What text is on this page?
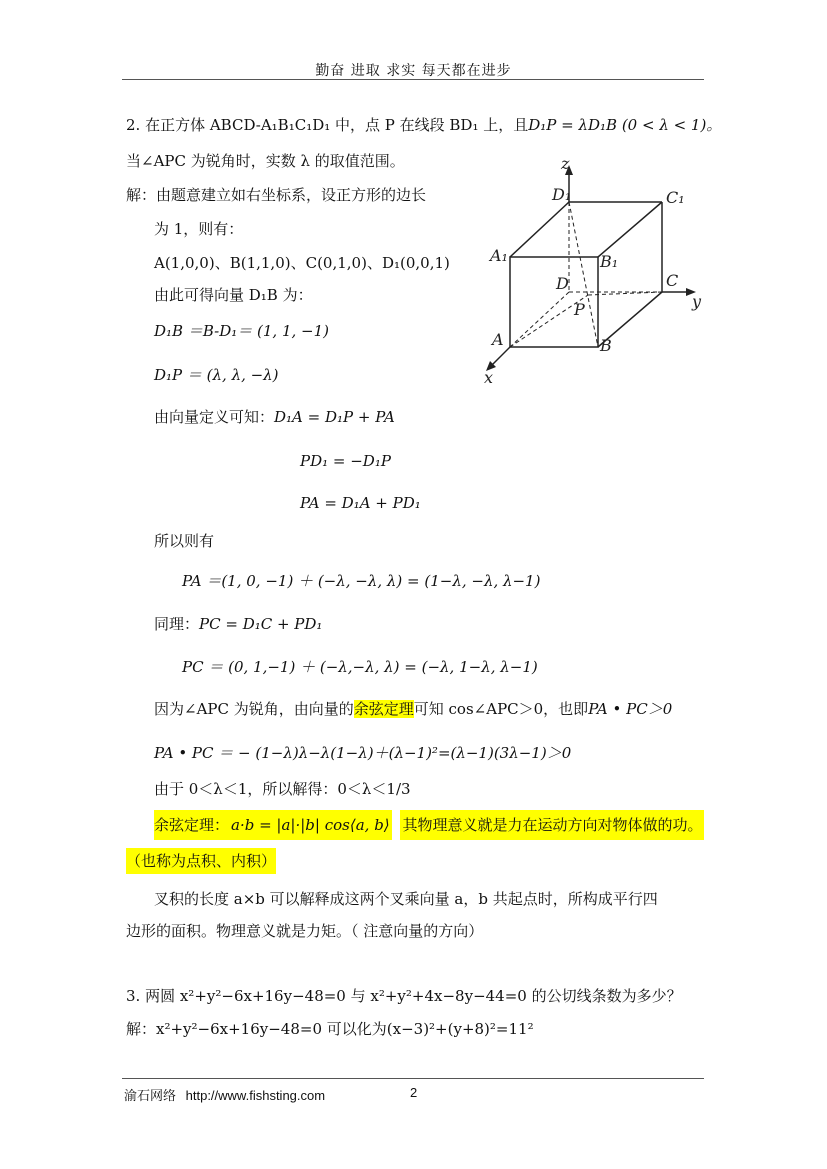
勤奋 进取 求实 每天都在进步
2. 在正方体 ABCD-A₁B₁C₁D₁ 中，点 P 在线段 BD₁ 上，且D₁P = λD₁B (0 < λ < 1)。
当∠APC 为锐角时，实数 λ 的取值范围。
解：由题意建立如右坐标系，设正方形的边长
为 1，则有：
A(1,0,0)、B(1,1,0)、C(0,1,0)、D₁(0,0,1)
由此可得向量 D₁B 为：
D₁B ＝B-D₁＝ (1, 1, −1)
D₁P ＝ (λ, λ, −λ)
由向量定义可知：D₁A = D₁P + PA
PD₁ = −D₁P
PA = D₁A + PD₁
所以则有
PA ＝(1, 0, −1) ＋ (−λ, −λ, λ) = (1−λ, −λ, λ−1)
同理：PC = D₁C + PD₁
PC ＝ (0, 1,−1) ＋ (−λ,−λ, λ) = (−λ, 1−λ, λ−1)
因为∠APC 为锐角，由向量的余弦定理可知 cos∠APC＞0，也即PA • PC＞0
PA • PC ＝ − (1−λ)λ−λ(1−λ)＋(λ−1)²=(λ−1)(3λ−1)＞0
由于 0＜λ＜1，所以解得：0＜λ＜1/3
余弦定理： a·b = |a|·|b| cos⟨a, b⟩ 其物理意义就是力在运动方向对物体做的功。
（也称为点积、内积）
叉积的长度 a×b 可以解释成这两个叉乘向量 a，b 共起点时，所构成平行四
边形的面积。物理意义就是力矩。（ 注意向量的方向）
3. 两圆 x²+y²−6x+16y−48=0 与 x²+y²+4x−8y−44=0 的公切线条数为多少？
解：x²+y²−6x+16y−48=0 可以化为(x−3)²+(y+8)²=11²
z
y
x
D₁	C₁
A₁	B₁
D	C
P
A	B
渝石网络 http://www.fishsting.com	2
